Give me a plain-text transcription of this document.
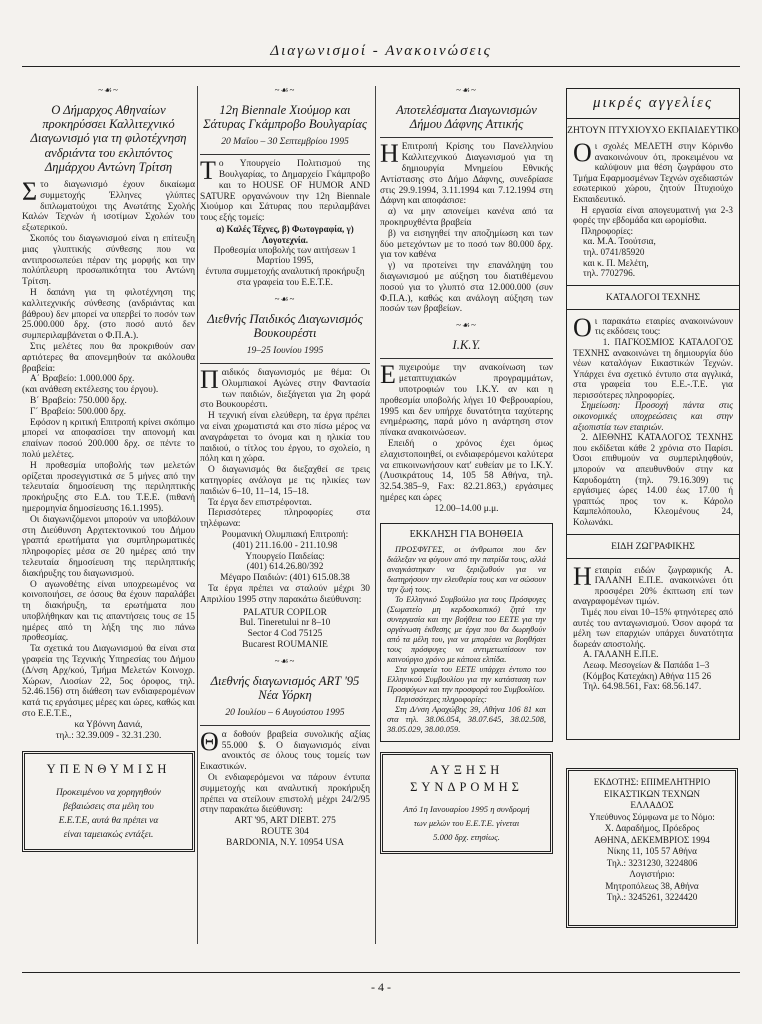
Διαγωνισμοί - Ανακοινώσεις
~☙~
Ο Δήμαρχος Αθηναίων προκηρύσσει Καλλιτεχνικό Διαγωνισμό για τη φιλοτέχνηση ανδριάντα του εκλιπόντος Δημάρχου Αντώνη Τρίτση

Στο διαγωνισμό έχουν δικαίωμα συμμετοχής Έλληνες γλύπτες διπλωματούχοι της Ανωτάτης Σχολής Καλών Τεχνών ή ισοτίμων Σχολών του εξωτερικού.

Σκοπός του διαγωνισμού είναι η επίτευξη μιας γλυπτικής σύνθεσης που να αντιπροσωπεύει πέραν της μορφής και την πολύπλευρη προσωπικότητα του Αντώνη Τρίτση.

Η δαπάνη για τη φιλοτέχνηση της καλλιτεχνικής σύνθεσης (ανδριάντας και βάθρου) δεν μπορεί να υπερβεί το ποσόν των 25.000.000 δρχ. (στο ποσό αυτό δεν συμπεριλαμβάνεται ο Φ.Π.Α.).

Στις μελέτες που θα προκριθούν σαν αρτιότερες θα απονεμηθούν τα ακόλουθα βραβεία:

Α΄ Βραβείο: 1.000.000 δρχ.
(και ανάθεση εκτέλεσης του έργου).
Β΄ Βραβείο: 750.000 δρχ.
Γ΄ Βραβείο: 500.000 δρχ.

Εφόσον η κριτική Επιτροπή κρίνει σκόπιμο μπορεί να αποφασίσει την απονομή και επαίνων ποσού 200.000 δρχ. σε πέντε το πολύ μελέτες.

Η προθεσμία υποβολής των μελετών ορίζεται προσεγγιστικά σε 5 μήνες από την τελευταία δημοσίευση της περιληπτικής προκήρυξης στο Ε.Δ. του Τ.Ε.Ε. (πιθανή ημερομηνία δημοσίευσης 16.1.1995).

Οι διαγωνιζόμενοι μπορούν να υποβάλουν στη Διεύθυνση Αρχιτεκτονικού του Δήμου γραπτά ερωτήματα για συμπληρωματικές πληροφορίες μέσα σε 20 ημέρες από την τελευταία δημοσίευση της περιληπτικής διακήρυξης του διαγωνισμού.

Ο αγωνοθέτης είναι υποχρεωμένος να κοινοποιήσει, σε όσους θα έχουν παραλάβει τη διακήρυξη, τα ερωτήματα που υποβλήθηκαν και τις απαντήσεις τους σε 15 ημέρες από τη λήξη της πιο πάνω προθεσμίας.

Τα σχετικά του Διαγωνισμού θα είναι στα γραφεία της Τεχνικής Υπηρεσίας του Δήμου (Δ/νση Αρχ/κού, Τμήμα Μελετών Κοινοχρ. Χώρων, Λιοσίων 22, 5ος όροφος, τηλ. 52.46.156) στη διάθεση των ενδιαφερομένων κατά τις εργάσιμες μέρες και ώρες, καθώς και στο Ε.Ε.Τ.Ε.,

κα Υβόννη Δανιά,
τηλ.: 32.39.009 - 32.31.230.
ΥΠΕΝΘΥΜΙΣΗ
Προκειμένου να χορηγηθούν
βεβαιώσεις στα μέλη του
Ε.Ε.Τ.Ε, αυτά θα πρέπει να
είναι ταμειακώς εντάξει.
~☙~
12η Biennale Χιούμορ και Σάτυρας Γκάμπροβο Βουλγαρίας
20 Μαΐου – 30 Σεπτεμβρίου 1995

Το Υπουργείο Πολιτισμού της Βουλγαρίας, το Δημαρχείο Γκάμπροβο και το HOUSE OF HUMOR AND SATURE οργανώνουν την 12η Biennale Χιούμορ και Σάτυρας που περιλαμβάνει τους εξής τομείς:

α) Καλές Τέχνες, β) Φωτογραφία, γ) Λογοτεχνία.
Προθεσμία υποβολής των αιτήσεων 1 Μαρτίου 1995,
έντυπα συμμετοχής αναλυτική προκήρυξη στα γραφεία του Ε.Ε.Τ.Ε.
~☙~
Διεθνής Παιδικός Διαγωνισμός Βουκουρέστι
19–25 Ιουνίου 1995

Παιδικός διαγωνισμός με θέμα: Οι Ολυμπιακοί Αγώνες στην Φαντασία των παιδιών, διεξάγεται για 2η φορά στο Βουκουρέστι.

Η τεχνική είναι ελεύθερη, τα έργα πρέπει να είναι χρωματιστά και στο πίσω μέρος να αναγράφεται το όνομα και η ηλικία του παιδιού, ο τίτλος του έργου, το σχολείο, η πόλη και η χώρα.

Ο διαγωνισμός θα διεξαχθεί σε τρεις κατηγορίες ανάλογα με τις ηλικίες των παιδιών 6–10, 11–14, 15–18.

Τα έργα δεν επιστρέφονται.

Περισσότερες πληροφορίες στα τηλέφωνα:

Ρουμανική Ολυμπιακή Επιτροπή:
(401) 211.16.00 - 211.10.98
Υπουργείο Παιδείας:
(401) 614.26.80/392
Μέγαρο Παιδιών: (401) 615.08.38

Τα έργα πρέπει να σταλούν μέχρι 30 Απριλίου 1995 στην παρακάτω διεύθυνση:

PALATUR COPILOR
Bul. Tineretului nr 8–10
Sector 4 Cod 75125
Bucarest ROUMANIE
~☙~
Διεθνής διαγωνισμός ART '95 Νέα Υόρκη
20 Ιουλίου – 6 Αυγούστου 1995

Θα δοθούν βραβεία συνολικής αξίας 55.000 $. Ο διαγωνισμός είναι ανοικτός σε όλους τους τομείς των Εικαστικών.

Οι ενδιαφερόμενοι να πάρουν έντυπα συμμετοχής και αναλυτική προκήρυξη πρέπει να στείλουν επιστολή μέχρι 24/2/95 στην παρακάτω διεύθυνση:

ART '95, ART DIEBT. 275
ROUTE 304
BARDONIA, N.Y. 10954 USA
~☙~
Αποτελέσματα Διαγωνισμών Δήμου Δάφνης Αττικής

Η Επιτροπή Κρίσης του Πανελληνίου Καλλιτεχνικού Διαγωνισμού για τη δημιουργία Μνημείου Εθνικής Αντίστασης στο Δήμο Δάφνης, συνεδρίασε στις 29.9.1994, 3.11.1994 και 7.12.1994 στη Δάφνη και αποφάσισε:

α) να μην απονείμει κανένα από τα προκηρυχθέντα βραβεία

β) να εισηγηθεί την αποζημίωση και των δύο μετεχόντων με το ποσό των 80.000 δρχ. για τον καθένα

γ) να προτείνει την επανάληψη του διαγωνισμού με αύξηση του διατιθέμενου ποσού για το γλυπτό στα 12.000.000 (συν Φ.Π.Α.), καθώς και ανάλογη αύξηση των ποσών των βραβείων.

~☙~
Ι.Κ.Υ.

Επιχειρούμε την ανακοίνωση των μεταπτυχιακών προγραμμάτων, υποτροφιών του Ι.Κ.Υ. αν και η προθεσμία υποβολής λήγει 10 Φεβρουαρίου, 1995 και δεν υπήρχε δυνατότητα ταχύτερης ενημέρωσης, παρά μόνο η ανάρτηση στον πίνακα ανακοινώσεων.

Επειδή ο χρόνος έχει όμως ελαχιστοποιηθεί, οι ενδιαφερόμενοι καλύτερα να επικοινωνήσουν κατ' ευθείαν με το Ι.Κ.Υ. (Λυσικράτους 14, 105 58 Αθήνα, τηλ. 32.54.385–9, Fax: 82.21.863,) εργάσιμες ημέρες και ώρες

12.00–14.00 μ.μ.
ΕΚΚΛΗΣΗ ΓΙΑ ΒΟΗΘΕΙΑ

ΠΡΟΣΦΥΓΕΣ, οι άνθρωποι που δεν διάλεξαν να φύγουν από την πατρίδα τους, αλλά αναγκάστηκαν να ξεριζωθούν για να διατηρήσουν την ελευθερία τους και να σώσουν την ζωή τους.

Το Ελληνικό Συμβούλιο για τους Πρόσφυγες (Σωματείο μη κερδοσκοπικό) ζητά την συνεργασία και την βοήθεια του ΕΕΤΕ για την οργάνωση έκθεσης με έργα που θα δωρηθούν από τα μέλη του, για να μπορέσει να βοηθήσει τους πρόσφυγες να αντιμετωπίσουν τον καινούργιο χρόνο με κάποια ελπίδα.

Στα γραφεία του ΕΕΤΕ υπάρχει έντυπο του Ελληνικού Συμβουλίου για την κατάσταση των Προσφύγων και την προσφορά του Συμβουλίου.

Περισσότερες πληροφορίες:

Στη Δ/νση Αραχώβης 39, Αθήνα 106 81 και στα τηλ. 38.06.054, 38.07.645, 38.02.508, 38.05.029, 38.00.059.

ΑΥΞΗΣΗ
ΣΥΝΔΡΟΜΗΣ
Από 1η Ιανουαρίου 1995 η συνδρομή
των μελών του Ε.Ε.Τ.Ε. γίνεται
5.000 δρχ. ετησίως.
μικρές αγγελίες
ΖΗΤΟΥΝ ΠΤΥΧΙΟΥΧΟ ΕΚΠΑΙΔΕΥΤΙΚΟ

Οι σχολές ΜΕΛΕΤΗ στην Κόρινθο ανακοινώνουν ότι, προκειμένου να καλύψουν μια θέση ζωγράφου στο Τμήμα Εφαρμοσμένων Τεχνών σχεδιαστών εσωτερικού χώρου, ζητούν Πτυχιούχο Εκπαιδευτικό.

Η εργασία είναι απογευματινή για 2-3 φορές την εβδομάδα και ωρομίσθια.

Πληροφορίες:

κα. Μ.Α. Τσούτσια,
τηλ. 0741/85920
και κ. Π. Μελέτη,
τηλ. 7702796.
ΚΑΤΑΛΟΓΟΙ ΤΕΧΝΗΣ

Οι παρακάτω εταιρίες ανακοινώνουν τις εκδόσεις τους:

1. ΠΑΓΚΟΣΜΙΟΣ ΚΑΤΑΛΟΓΟΣ ΤΕΧΝΗΣ ανακοινώνει τη δημιουργία δύο νέων καταλόγων Εικαστικών Τεχνών. Υπάρχει ένα σχετικό έντυπο στα αγγλικά, στα γραφεία του Ε.Ε.-.Τ.Ε. για περισσότερες πληροφορίες.

Σημείωση: Προσοχή πάντα στις οικονομικές υποχρεώσεις και στην αξιοπιστία των εταιριών.

2. ΔΙΕΘΝΗΣ ΚΑΤΑΛΟΓΟΣ ΤΕΧΝΗΣ που εκδίδεται κάθε 2 χρόνια στο Παρίσι. Όσοι επιθυμούν να συμπεριληφθούν, μπορούν να απευθυνθούν στην κα Καρυδομάτη (τηλ. 79.16.309) τις εργάσιμες ώρες 14.00 έως 17.00 ή γραπτώς προς τον κ. Κάρολο Καμπελόπουλο, Κλεομένους 24, Κολωνάκι.

ΕΙΔΗ ΖΩΓΡΑΦΙΚΗΣ

Ηεταιρία ειδών ζωγραφικής Α. ΓΑΛΑΝΗ Ε.Π.Ε. ανακοινώνει ότι προσφέρει 20% έκπτωση επί των αναγραφομένων τιμών.

Τιμές που είναι 10–15% φτηνότερες από αυτές του ανταγωνισμού. Όσον αφορά τα μέλη των επαρχιών υπάρχει δυνατότητα δωρεάν αποστολής.

Α. ΓΑΛΑΝΗ Ε.Π.Ε.
Λεωφ. Μεσογείων & Παπάδα 1–3
(Κόμβος Κατεχάκη) Αθήνα 115 26
Τηλ. 64.98.561, Fax: 68.56.147.
ΕΚΔΟΤΗΣ: ΕΠΙΜΕΛΗΤΗΡΙΟ
ΕΙΚΑΣΤΙΚΩΝ ΤΕΧΝΩΝ
ΕΛΛΑΔΟΣ
Υπεύθυνος Σύμφωνα με το Νόμο:
Χ. Δαραδήμος, Πρόεδρος
ΑΘΗΝΑ, ΔΕΚΕΜΒΡΙΟΣ 1994
Νίκης 11, 105 57 Αθήνα
Τηλ.: 3231230, 3224806
Λογιστήριο:
Μητροπόλεως 38, Αθήνα
Τηλ.: 3245261, 3224420
- 4 -
